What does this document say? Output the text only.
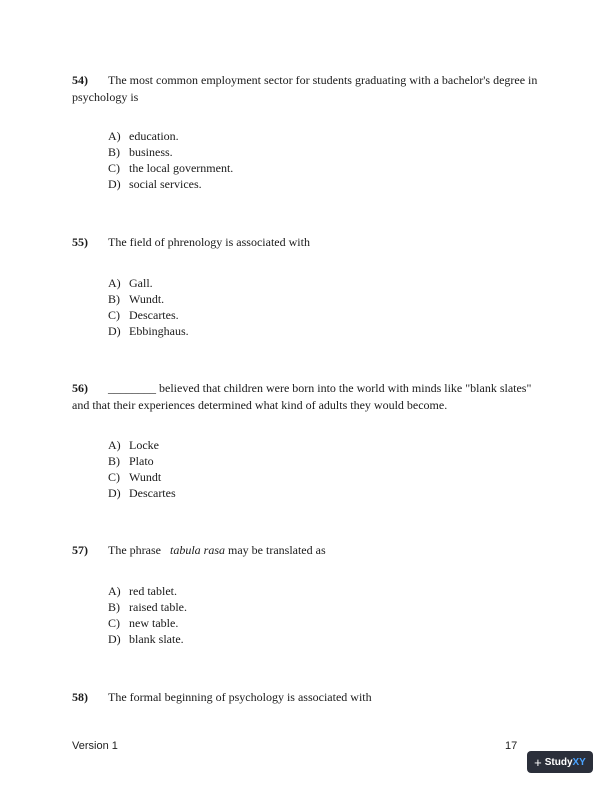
54) The most common employment sector for students graduating with a bachelor's degree in psychology is
A) education.
B) business.
C) the local government.
D) social services.
55) The field of phrenology is associated with
A) Gall.
B) Wundt.
C) Descartes.
D) Ebbinghaus.
56) ________ believed that children were born into the world with minds like "blank slates" and that their experiences determined what kind of adults they would become.
A) Locke
B) Plato
C) Wundt
D) Descartes
57) The phrase tabula rasa may be translated as
A) red tablet.
B) raised table.
C) new table.
D) blank slate.
58) The formal beginning of psychology is associated with
Version 1	17
+ StudyXY
